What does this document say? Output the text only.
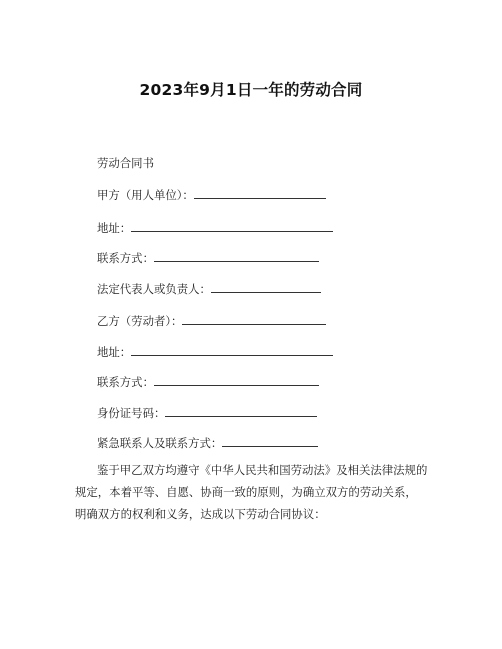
2023年9月1日一年的劳动合同
劳动合同书
甲方（用人单位）：
地址：
联系方式：
法定代表人或负责人：
乙方（劳动者）：
地址：
联系方式：
身份证号码：
紧急联系人及联系方式：
鉴于甲乙双方均遵守《中华人民共和国劳动法》及相关法律法规的
规定，本着平等、自愿、协商一致的原则，为确立双方的劳动关系，
明确双方的权利和义务，达成以下劳动合同协议：
